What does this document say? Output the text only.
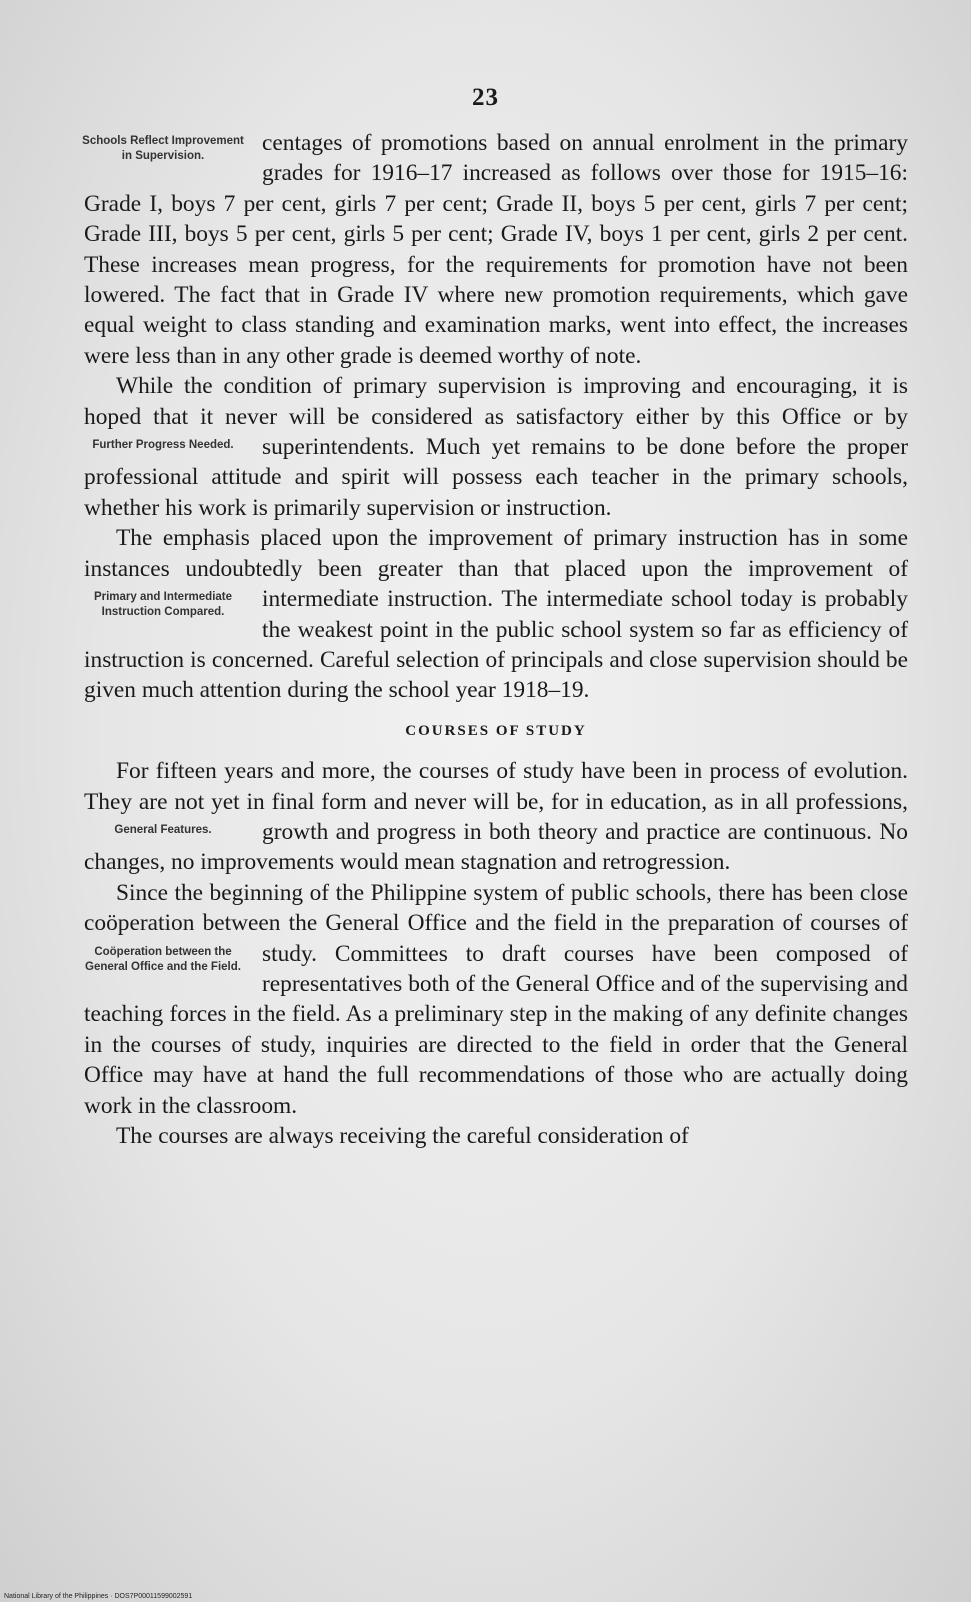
23

Schools Reflect Improvement in Supervision.	centages of promotions based on annual enrolment in the primary grades for 1916–17 increased as follows over those for 1915–16: Grade I, boys 7 per cent, girls 7 per cent; Grade II, boys 5 per cent, girls 7 per cent; Grade III, boys 5 per cent, girls 5 per cent; Grade IV, boys 1 per cent, girls 2 per cent. These increases mean progress, for the requirements for promotion have not been lowered. The fact that in Grade IV where new promotion requirements, which gave equal weight to class standing and examination marks, went into effect, the increases were less than in any other grade is deemed worthy of note.
While the condition of primary supervision is improving and encouraging, it is hoped that it never will be considered as satisfactory either by this Office or by superintendents. Much yet
Further Progress Needed.	remains to be done before the proper professional attitude and spirit will possess each teacher in the primary schools, whether his work is primarily supervision or instruction.
The emphasis placed upon the improvement of primary instruction has in some instances undoubtedly been greater than that placed upon the improvement of intermediate instruction.
Primary and Intermediate Instruction Compared.	The intermediate school today is probably the weakest point in the public school system so far as efficiency of instruction is concerned. Careful selection of principals and close supervision should be given much attention during the school year 1918–19.
COURSES OF STUDY
For fifteen years and more, the courses of study have been in process of evolution. They are not yet in final form and never will be, for in education, as in all professions, growth and
General Features.	progress in both theory and practice are continuous. No changes, no improvements would mean stagnation and retrogression.
Since the beginning of the Philippine system of public schools, there has been close coöperation between the General Office and the field in the preparation of courses of study. Committees to
Coöperation between the General Office and the Field.	draft courses have been composed of representatives both of the General Office and of the supervising and teaching forces in the field. As a preliminary step in the making of any definite changes in the courses of study, inquiries are directed to the field in order that the General Office may have at hand the full recommendations of those who are actually doing work in the classroom.
The courses are always receiving the careful consideration of
National Library of the Philippines · DOS7P00011599002591
